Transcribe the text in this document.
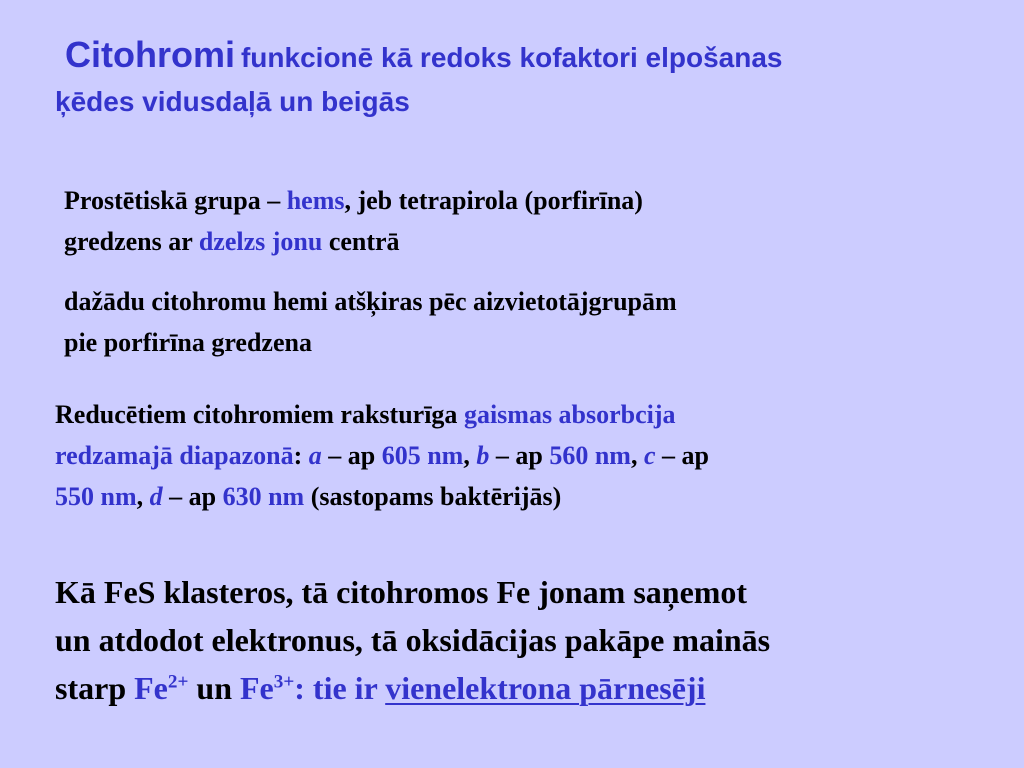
Citohromi funkcionē kā redoks kofaktori elpošanas
ķēdes vidusdaļā un beigās
Prostētiskā grupa – hems, jeb tetrapirola (porfirīna)
gredzens ar dzelzs jonu centrā
dažādu citohromu hemi atšķiras pēc aizvietotājgrupām
pie porfirīna gredzena
Reducētiem citohromiem raksturīga gaismas absorbcija
redzamajā diapazonā: a – ap 605 nm, b – ap 560 nm, c – ap
550 nm, d – ap 630 nm (sastopams baktērijās)
Kā FeS klasteros, tā citohromos Fe jonam saņemot
un atdodot elektronus, tā oksidācijas pakāpe mainās
starp $Fe^{2+}$ un $Fe^{3+}$: tie ir vienelektrona pārnesēji
